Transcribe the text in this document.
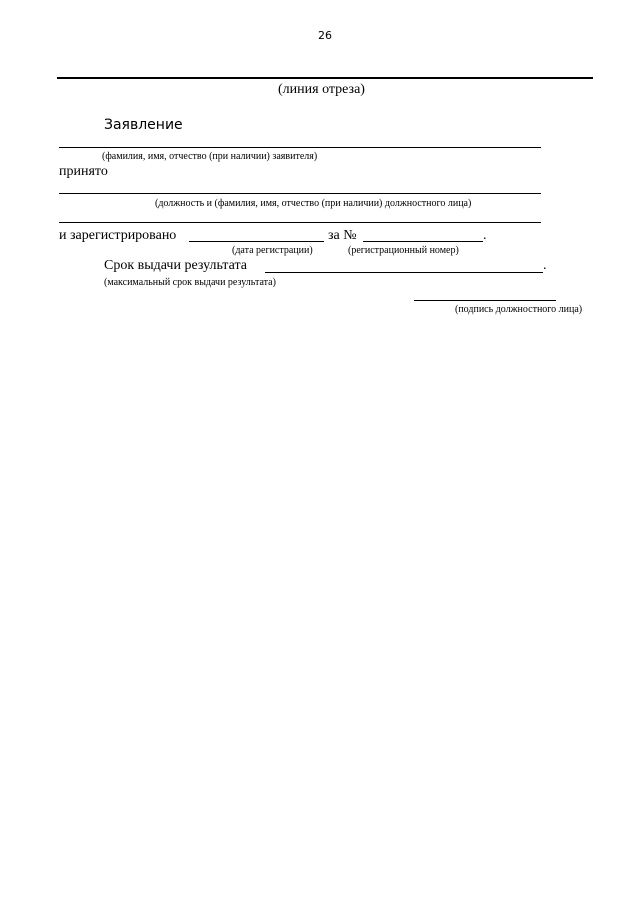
26
(линия отреза)
Заявление
(фамилия, имя, отчество (при наличии) заявителя)
принято
(должность и (фамилия, имя, отчество (при наличии) должностного лица)
и зарегистрировано	за №	.
(дата регистрации)	(регистрационный номер)
Срок выдачи результата	.
(максимальный срок выдачи результата)
(подпись должностного лица)
